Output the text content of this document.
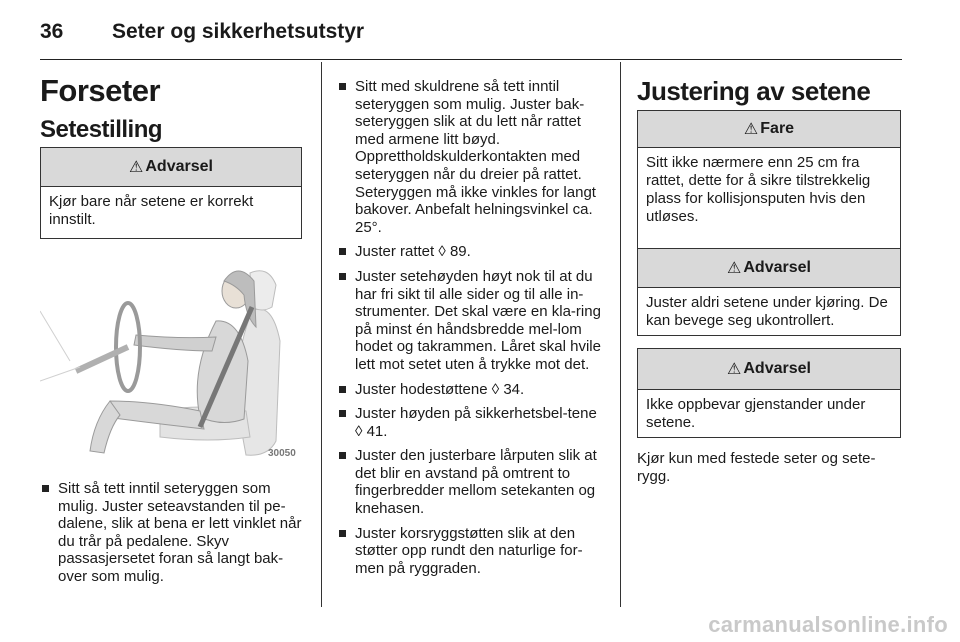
36 Seter og sikkerhetsutstyr
Forseter
Setestilling
⚠ Advarsel
Kjør bare når setene er korrekt innstilt.
30050
Sitt så tett inntil seteryggen som mulig. Juster seteavstanden til pe-dalene, slik at bena er lett vinklet når du trår på pedalene. Skyv passasjersetet foran så langt bak-over som mulig.
Sitt med skuldrene så tett inntil seteryggen som mulig. Juster bak-seteryggen slik at du lett når rattet med armene litt bøyd. Opprettholdskulderkontakten med seteryggen når du dreier på rattet. Seteryggen må ikke vinkles for langt bakover. Anbefalt helningsvinkel ca. 25°.
Juster rattet ◊ 89.
Juster setehøyden høyt nok til at du har fri sikt til alle sider og til alle in-strumenter. Det skal være en kla-ring på minst én håndsbredde mel-lom hodet og takrammen. Låret skal hvile lett mot setet uten å trykke mot det.
Juster hodestøttene ◊ 34.
Juster høyden på sikkerhetsbel-tene ◊ 41.
Juster den justerbare lårputen slik at det blir en avstand på omtrent to fingerbredder mellom setekanten og knehasen.
Juster korsryggstøtten slik at den støtter opp rundt den naturlige for-men på ryggraden.
Justering av setene
⚠ Fare
Sitt ikke nærmere enn 25 cm fra rattet, dette for å sikre tilstrekkelig plass for kollisjonsputen hvis den utløses.
⚠ Advarsel
Juster aldri setene under kjøring. De kan bevege seg ukontrollert.
⚠ Advarsel
Ikke oppbevar gjenstander under setene.
Kjør kun med festede seter og sete-rygg.
carmanualsonline.info
